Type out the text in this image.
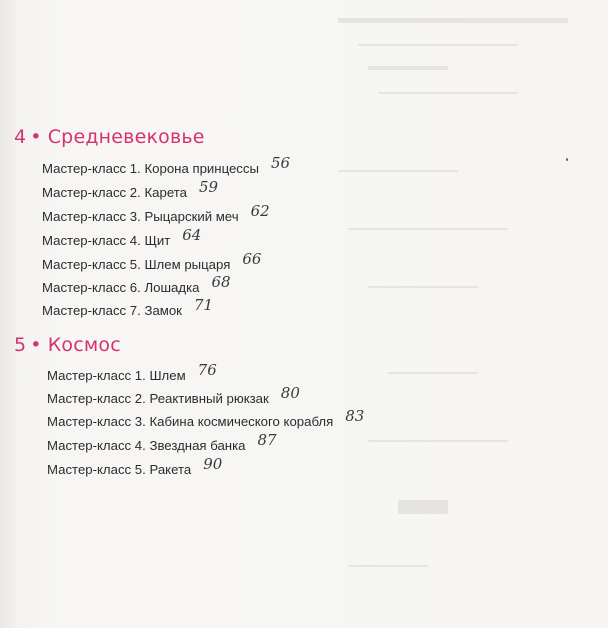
4 • Средневековье
Мастер-класс 1. Корона принцессы 56
Мастер-класс 2. Карета 59
Мастер-класс 3. Рыцарский меч 62
Мастер-класс 4. Щит 64
Мастер-класс 5. Шлем рыцаря 66
Мастер-класс 6. Лошадка 68
Мастер-класс 7. Замок 71
5 • Космос
Мастер-класс 1. Шлем 76
Мастер-класс 2. Реактивный рюкзак 80
Мастер-класс 3. Кабина космического корабля 83
Мастер-класс 4. Звездная банка 87
Мастер-класс 5. Ракета 90
